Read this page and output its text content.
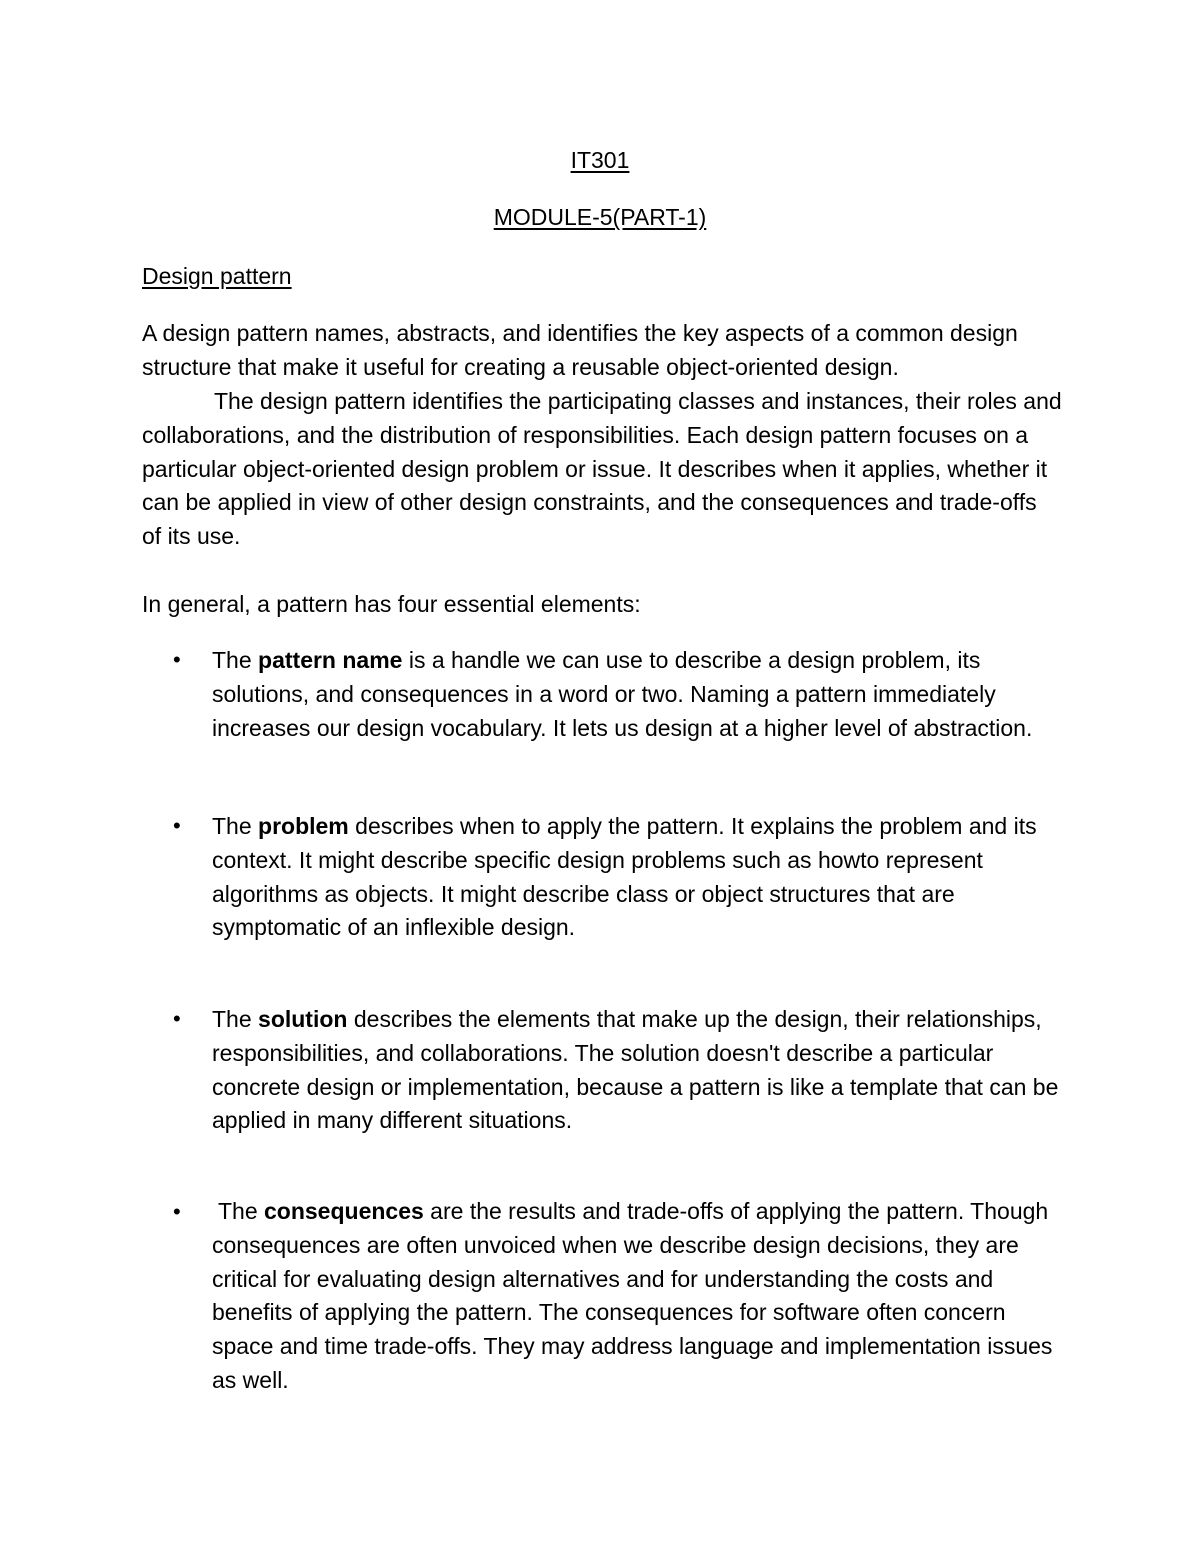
IT301
MODULE-5(PART-1)
Design pattern
A design pattern names, abstracts, and identifies the key aspects of a common design structure that make it useful for creating a reusable object-oriented design.
The design pattern identifies the participating classes and instances, their roles and collaborations, and the distribution of responsibilities. Each design pattern focuses on a particular object-oriented design problem or issue. It describes when it applies, whether it can be applied in view of other design constraints, and the consequences and trade-offs of its use.
In general, a pattern has four essential elements:
• The pattern name is a handle we can use to describe a design problem, its solutions, and consequences in a word or two. Naming a pattern immediately increases our design vocabulary. It lets us design at a higher level of abstraction.
• The problem describes when to apply the pattern. It explains the problem and its context. It might describe specific design problems such as howto represent algorithms as objects. It might describe class or object structures that are symptomatic of an inflexible design.
• The solution describes the elements that make up the design, their relationships, responsibilities, and collaborations. The solution doesn't describe a particular concrete design or implementation, because a pattern is like a template that can be applied in many different situations.
• The consequences are the results and trade-offs of applying the pattern. Though consequences are often unvoiced when we describe design decisions, they are critical for evaluating design alternatives and for understanding the costs and benefits of applying the pattern. The consequences for software often concern space and time trade-offs. They may address language and implementation issues as well.
